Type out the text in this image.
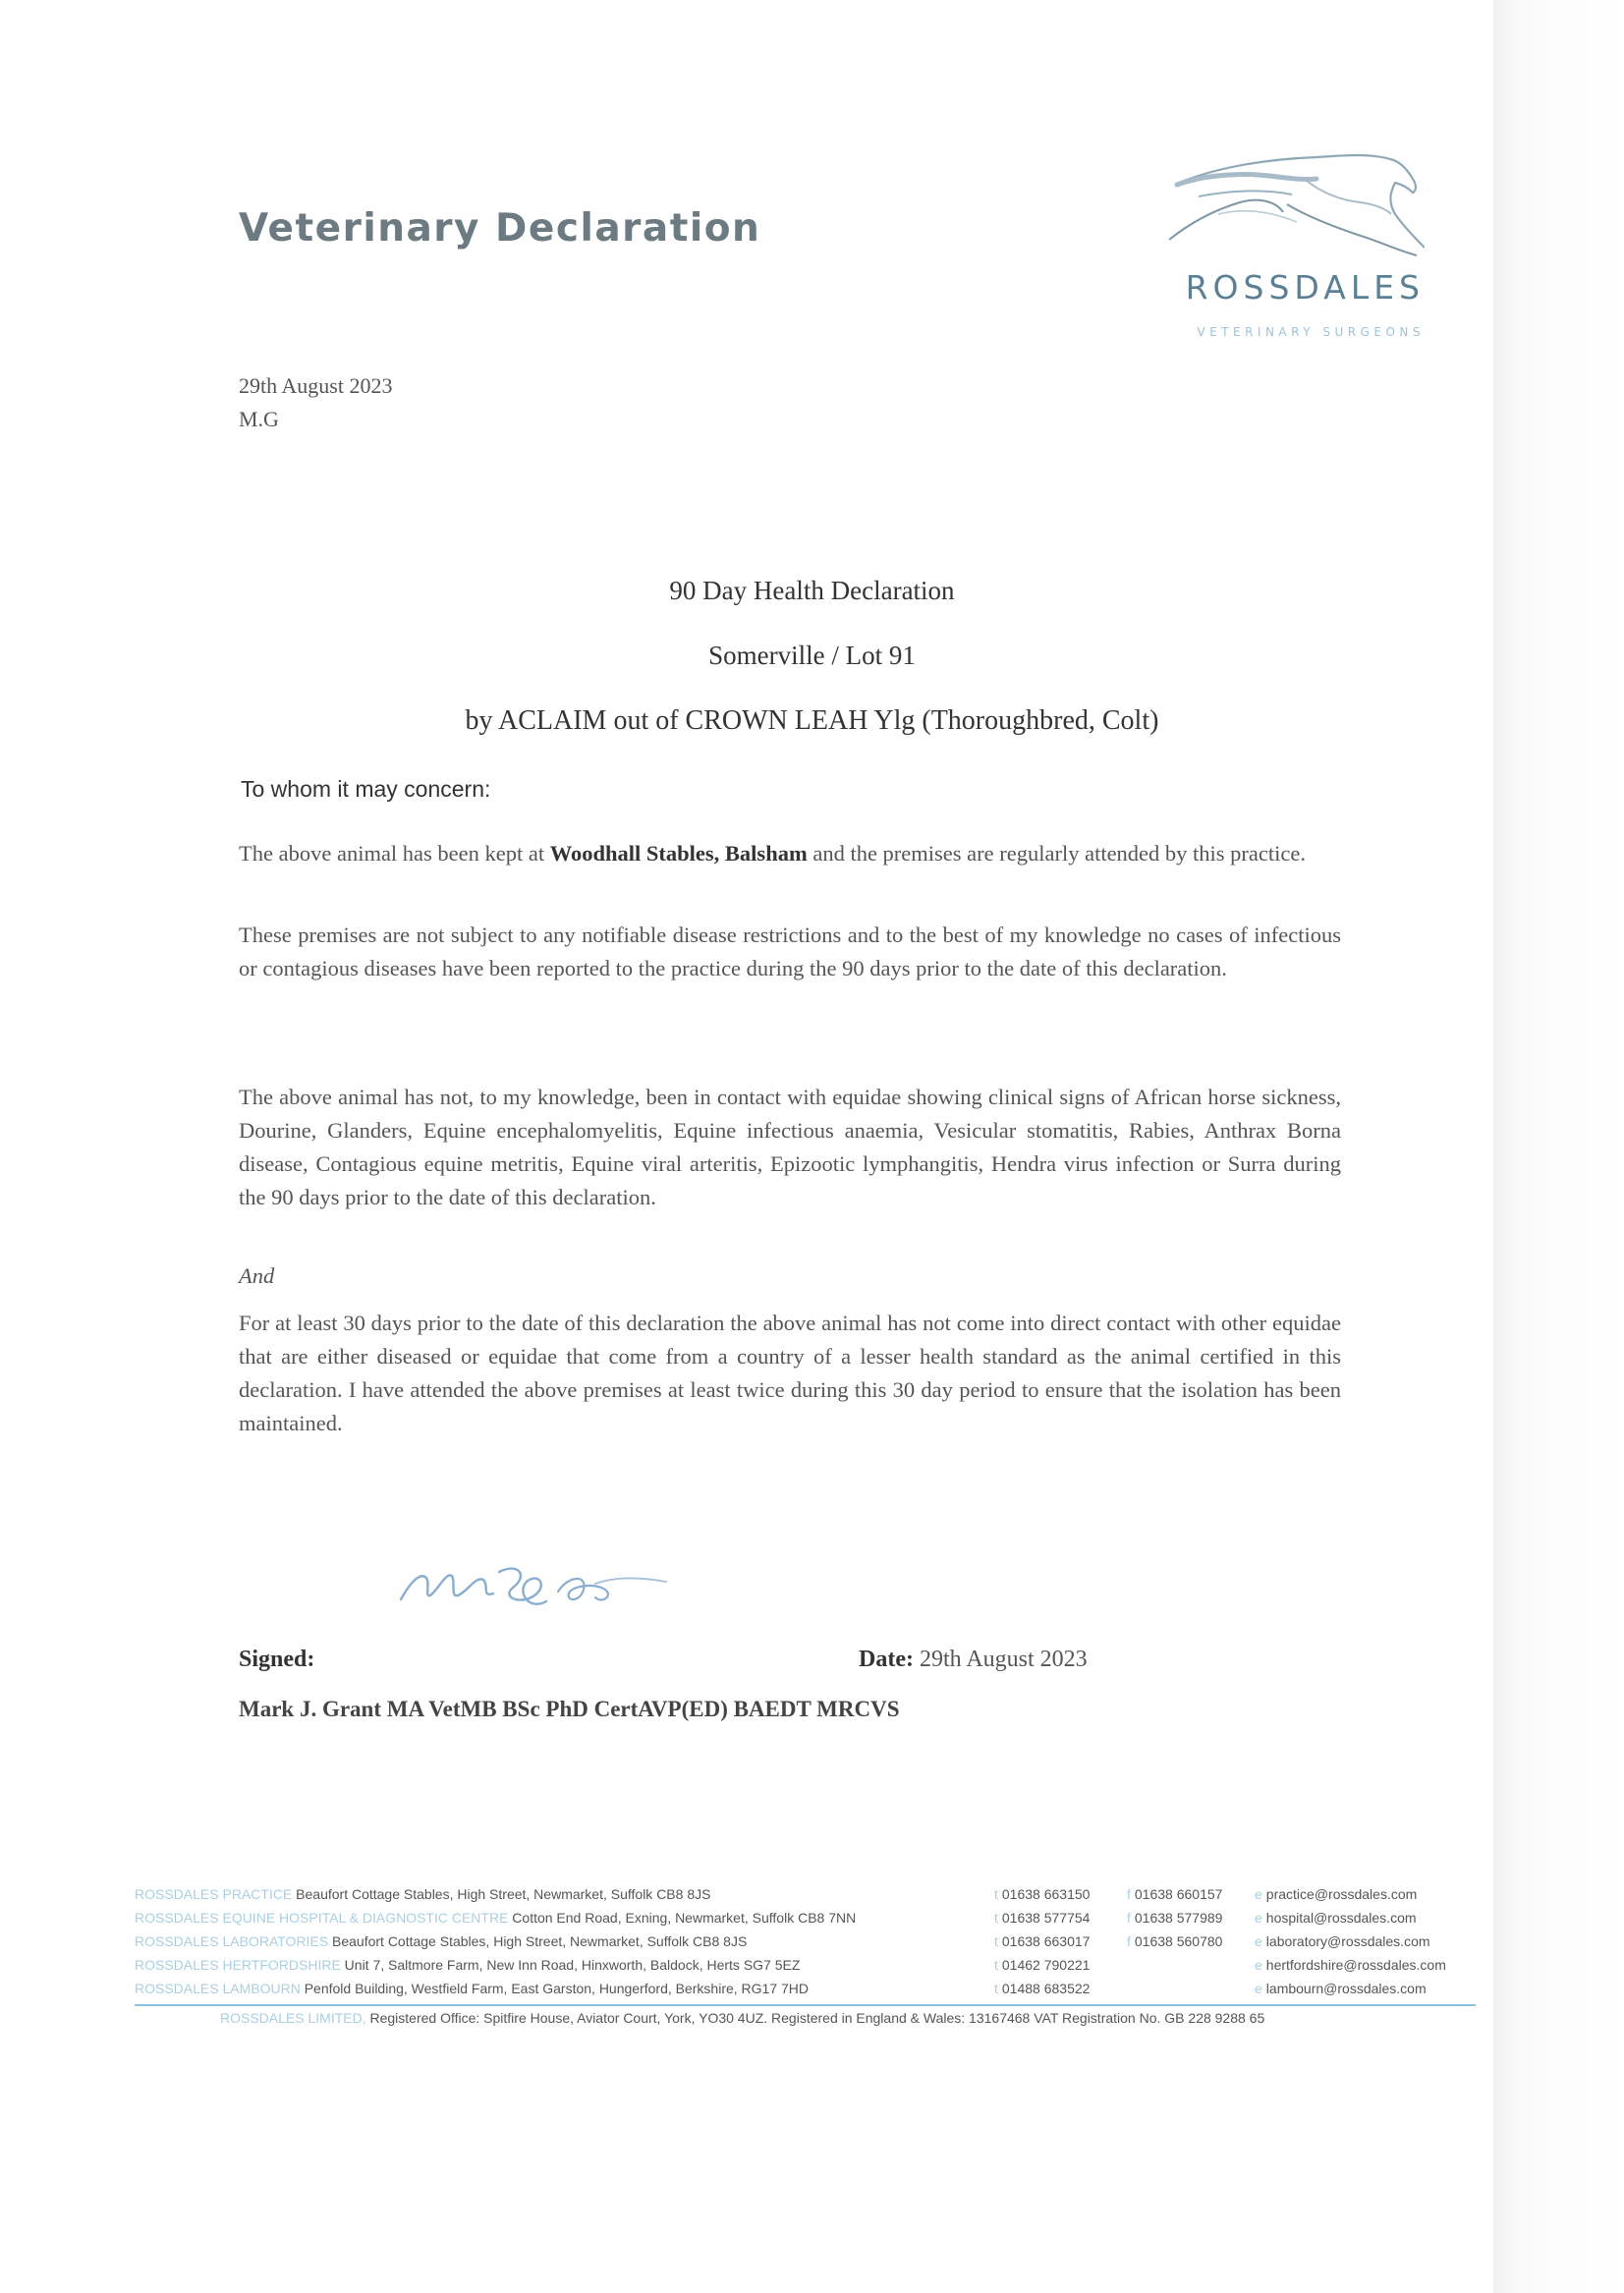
Veterinary Declaration
ROSSDALES
VETERINARY SURGEONS
29th August 2023
M.G
90 Day Health Declaration
Somerville / Lot 91
by ACLAIM out of CROWN LEAH Ylg (Thoroughbred, Colt)
To whom it may concern:
The above animal has been kept at Woodhall Stables, Balsham and the premises are regularly attended by this practice.
These premises are not subject to any notifiable disease restrictions and to the best of my knowledge no cases of infectious or contagious diseases have been reported to the practice during the 90 days prior to the date of this declaration.
The above animal has not, to my knowledge, been in contact with equidae showing clinical signs of African horse sickness, Dourine, Glanders, Equine encephalomyelitis, Equine infectious anaemia, Vesicular stomatitis, Rabies, Anthrax Borna disease, Contagious equine metritis, Equine viral arteritis, Epizootic lymphangitis, Hendra virus infection or Surra during the 90 days prior to the date of this declaration.
And
For at least 30 days prior to the date of this declaration the above animal has not come into direct contact with other equidae that are either diseased or equidae that come from a country of a lesser health standard as the animal certified in this declaration. I have attended the above premises at least twice during this 30 day period to ensure that the isolation has been maintained.
Signed:	Date: 29th August 2023
Mark J. Grant MA VetMB BSc PhD CertAVP(ED) BAEDT MRCVS
ROSSDALES PRACTICE Beaufort Cottage Stables, High Street, Newmarket, Suffolk CB8 8JS	t 01638 663150	f 01638 660157 e practice@rossdales.com
ROSSDALES EQUINE HOSPITAL & DIAGNOSTIC CENTRE Cotton End Road, Exning, Newmarket, Suffolk CB8 7NN	t 01638 577754	f 01638 577989 e hospital@rossdales.com
ROSSDALES LABORATORIES Beaufort Cottage Stables, High Street, Newmarket, Suffolk CB8 8JS	t 01638 663017	f 01638 560780 e laboratory@rossdales.com
ROSSDALES HERTFORDSHIRE Unit 7, Saltmore Farm, New Inn Road, Hinxworth, Baldock, Herts SG7 5EZ	t 01462 790221	e hertfordshire@rossdales.com
ROSSDALES LAMBOURN Penfold Building, Westfield Farm, East Garston, Hungerford, Berkshire, RG17 7HD	t 01488 683522	e lambourn@rossdales.com
ROSSDALES LIMITED, Registered Office: Spitfire House, Aviator Court, York, YO30 4UZ. Registered in England & Wales: 13167468 VAT Registration No. GB 228 9288 65
